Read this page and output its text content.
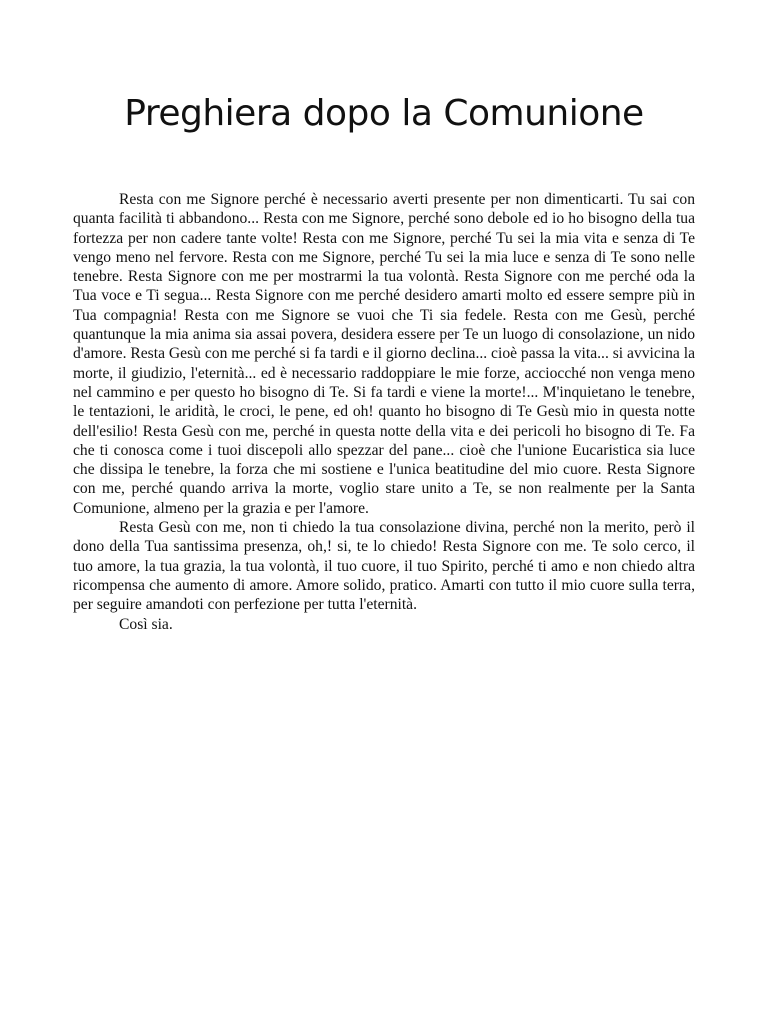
Preghiera dopo la Comunione

Resta con me Signore perché è necessario averti presente per non dimenticarti. Tu sai con quanta facilità ti abbandono... Resta con me Signore, perché sono debole ed io ho bisogno della tua fortezza per non cadere tante volte! Resta con me Signore, perché Tu sei la mia vita e senza di Te vengo meno nel fervore. Resta con me Signore, perché Tu sei la mia luce e senza di Te sono nelle tenebre. Resta Signore con me per mostrarmi la tua volontà. Resta Signore con me perché oda la Tua voce e Ti segua... Resta Signore con me perché desidero amarti molto ed essere sempre più in Tua compagnia! Resta con me Signore se vuoi che Ti sia fedele. Resta con me Gesù, perché quantunque la mia anima sia assai povera, desidera essere per Te un luogo di consolazione, un nido d'amore. Resta Gesù con me perché si fa tardi e il giorno declina... cioè passa la vita... si avvicina la morte, il giudizio, l'eternità... ed è necessario raddoppiare le mie forze, acciocché non venga meno nel cammino e per questo ho bisogno di Te. Si fa tardi e viene la morte!... M'inquietano le tenebre, le tentazioni, le aridità, le croci, le pene, ed oh! quanto ho bisogno di Te Gesù mio in questa notte dell'esilio! Resta Gesù con me, perché in questa notte della vita e dei pericoli ho bisogno di Te. Fa che ti conosca come i tuoi discepoli allo spezzar del pane... cioè che l'unione Eucaristica sia luce che dissipa le tenebre, la forza che mi sostiene e l'unica beatitudine del mio cuore. Resta Signore con me, perché quando arriva la morte, voglio stare unito a Te, se non realmente per la Santa Comunione, almeno per la grazia e per l'amore.

Resta Gesù con me, non ti chiedo la tua consolazione divina, perché non la merito, però il dono della Tua santissima presenza, oh,! si, te lo chiedo! Resta Signore con me. Te solo cerco, il tuo amore, la tua grazia, la tua volontà, il tuo cuore, il tuo Spirito, perché ti amo e non chiedo altra ricompensa che aumento di amore. Amore solido, pratico. Amarti con tutto il mio cuore sulla terra, per seguire amandoti con perfezione per tutta l'eternità.

Così sia.
